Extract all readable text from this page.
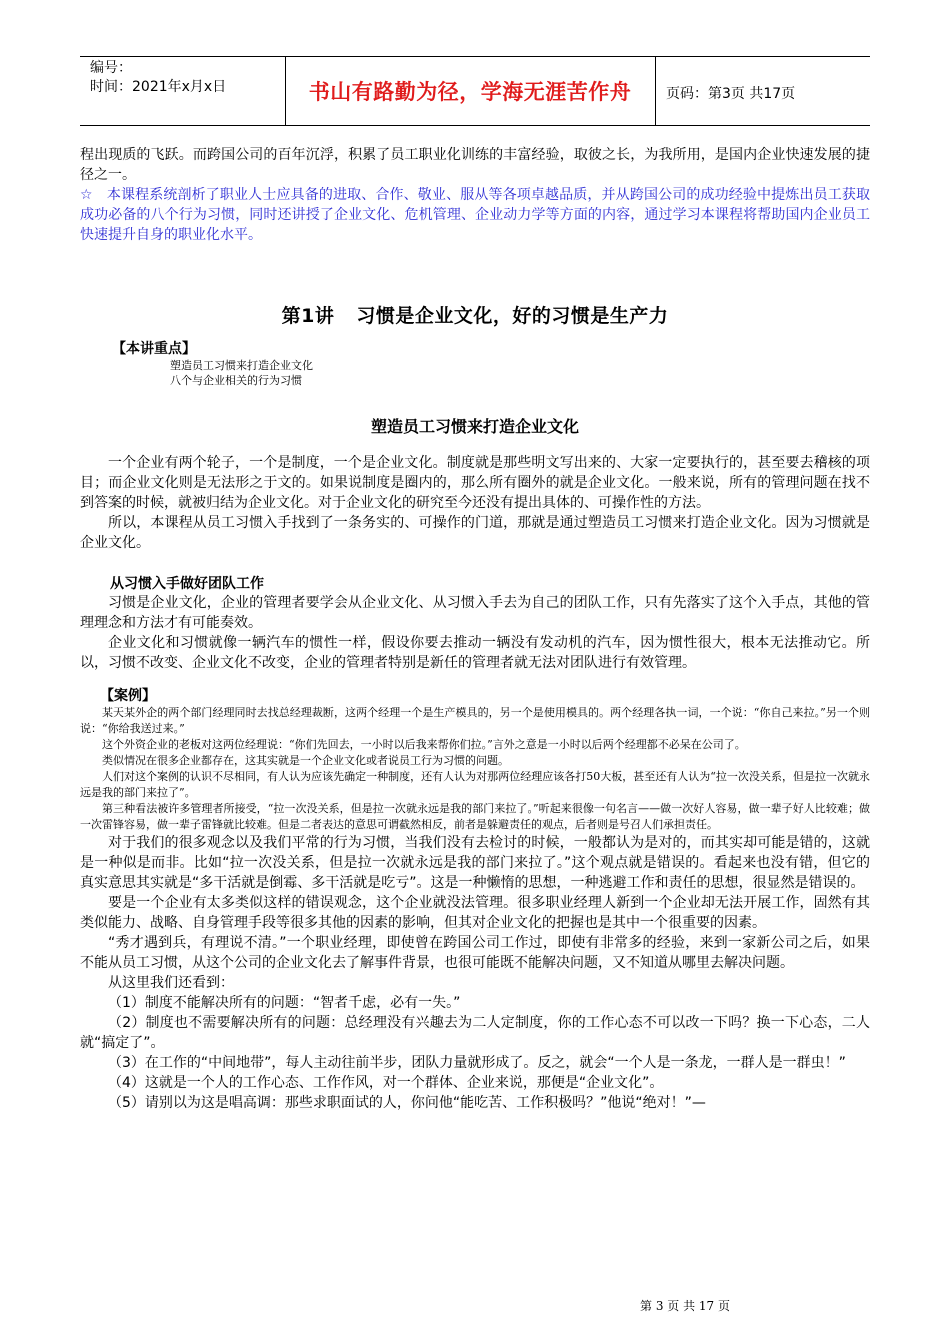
编号：
时间：2021年x月x日	书山有路勤为径，学海无涯苦作舟	页码：第3页 共17页

程出现质的飞跃。而跨国公司的百年沉浮，积累了员工职业化训练的丰富经验，取彼之长，为我所用，是国内企业快速发展的捷径之一。

☆　本课程系统剖析了职业人士应具备的进取、合作、敬业、服从等各项卓越品质，并从跨国公司的成功经验中提炼出员工获取成功必备的八个行为习惯，同时还讲授了企业文化、危机管理、企业动力学等方面的内容，通过学习本课程将帮助国内企业员工快速提升自身的职业化水平。

第1讲 习惯是企业文化，好的习惯是生产力
【本讲重点】
塑造员工习惯来打造企业文化
八个与企业相关的行为习惯
塑造员工习惯来打造企业文化

一个企业有两个轮子，一个是制度，一个是企业文化。制度就是那些明文写出来的、大家一定要执行的，甚至要去稽核的项目；而企业文化则是无法形之于文的。如果说制度是圈内的，那么所有圈外的就是企业文化。一般来说，所有的管理问题在找不到答案的时候，就被归结为企业文化。对于企业文化的研究至今还没有提出具体的、可操作性的方法。

所以，本课程从员工习惯入手找到了一条务实的、可操作的门道，那就是通过塑造员工习惯来打造企业文化。因为习惯就是企业文化。

从习惯入手做好团队工作

习惯是企业文化，企业的管理者要学会从企业文化、从习惯入手去为自己的团队工作，只有先落实了这个入手点，其他的管理理念和方法才有可能奏效。

企业文化和习惯就像一辆汽车的惯性一样，假设你要去推动一辆没有发动机的汽车，因为惯性很大，根本无法推动它。所以，习惯不改变、企业文化不改变，企业的管理者特别是新任的管理者就无法对团队进行有效管理。

【案例】

某天某外企的两个部门经理同时去找总经理裁断，这两个经理一个是生产模具的，另一个是使用模具的。两个经理各执一词，一个说：“你自己来拉。”另一个则说：“你给我送过来。”

这个外资企业的老板对这两位经理说：“你们先回去，一小时以后我来帮你们拉。”言外之意是一小时以后两个经理都不必呆在公司了。

类似情况在很多企业都存在，这其实就是一个企业文化或者说员工行为习惯的问题。

人们对这个案例的认识不尽相同，有人认为应该先确定一种制度，还有人认为对那两位经理应该各打50大板，甚至还有人认为“拉一次没关系，但是拉一次就永远是我的部门来拉了”。

第三种看法被许多管理者所接受，“拉一次没关系，但是拉一次就永远是我的部门来拉了。”听起来很像一句名言——做一次好人容易，做一辈子好人比较难；做一次雷锋容易，做一辈子雷锋就比较难。但是二者表达的意思可谓截然相反，前者是躲避责任的观点，后者则是号召人们承担责任。

对于我们的很多观念以及我们平常的行为习惯，当我们没有去检讨的时候，一般都认为是对的，而其实却可能是错的，这就是一种似是而非。比如“拉一次没关系，但是拉一次就永远是我的部门来拉了。”这个观点就是错误的。看起来也没有错，但它的真实意思其实就是“多干活就是倒霉、多干活就是吃亏”。这是一种懒惰的思想，一种逃避工作和责任的思想，很显然是错误的。

要是一个企业有太多类似这样的错误观念，这个企业就没法管理。很多职业经理人新到一个企业却无法开展工作，固然有其类似能力、战略、自身管理手段等很多其他的因素的影响，但其对企业文化的把握也是其中一个很重要的因素。

“秀才遇到兵，有理说不清。”一个职业经理，即使曾在跨国公司工作过，即使有非常多的经验，来到一家新公司之后，如果不能从员工习惯，从这个公司的企业文化去了解事件背景，也很可能既不能解决问题，又不知道从哪里去解决问题。

从这里我们还看到：

（1）制度不能解决所有的问题：“智者千虑，必有一失。”

（2）制度也不需要解决所有的问题：总经理没有兴趣去为二人定制度，你的工作心态不可以改一下吗？换一下心态，二人就“搞定了”。

（3）在工作的“中间地带”，每人主动往前半步，团队力量就形成了。反之，就会“一个人是一条龙，一群人是一群虫！”

（4）这就是一个人的工作心态、工作作风，对一个群体、企业来说，那便是“企业文化”。

（5）请别以为这是唱高调：那些求职面试的人，你问他“能吃苦、工作积极吗？”他说“绝对！”—

第 3 页 共 17 页
